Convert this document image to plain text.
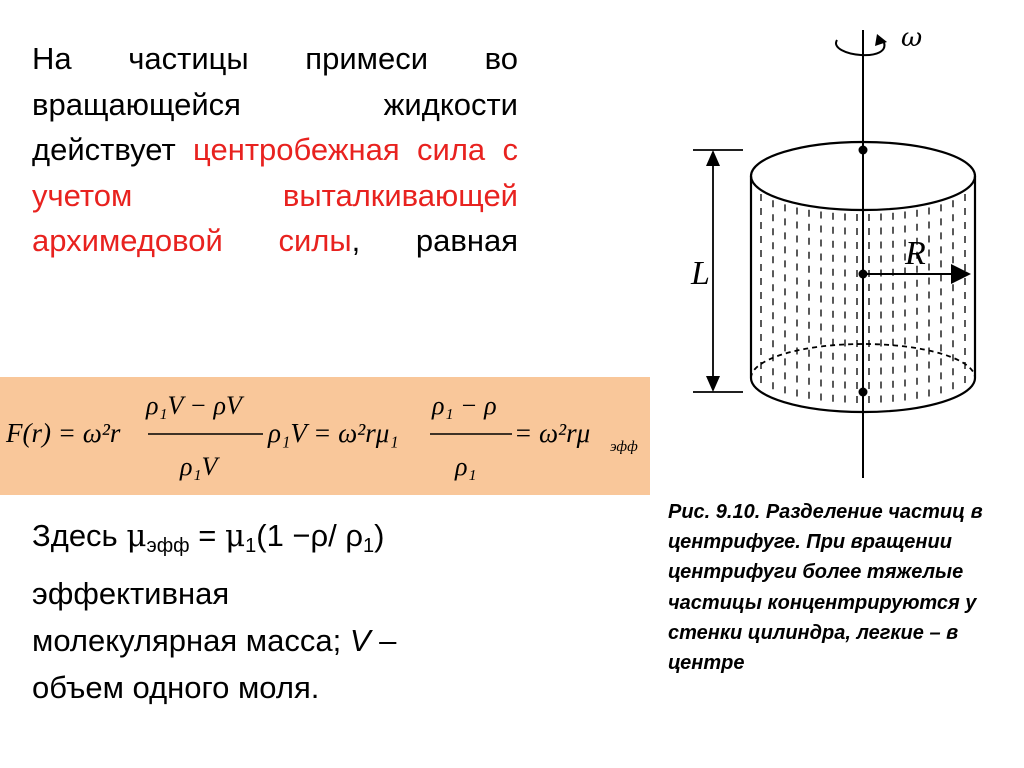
На частицы примеси во вращающейся жидкости действует центробежная сила с учетом выталкивающей архимедовой силы, равная
F(r) = ω²r
ρ₁V − ρV
ρ₁V
ρ₁V = ω²rμ₁
ρ₁ − ρ
ρ₁
= ω²rμ эфф
Здесь $\mu_{эфф} = \mu_1(1 -\rho/$ $\rho_1$)
эффективная
молекулярная масса; V –
объем одного моля.
ω
R
L

Рис. 9.10. Разделение частиц в центрифуге. При вращении центрифуги более тяжелые частицы концентрируются у стенки цилиндра, легкие – в центре
